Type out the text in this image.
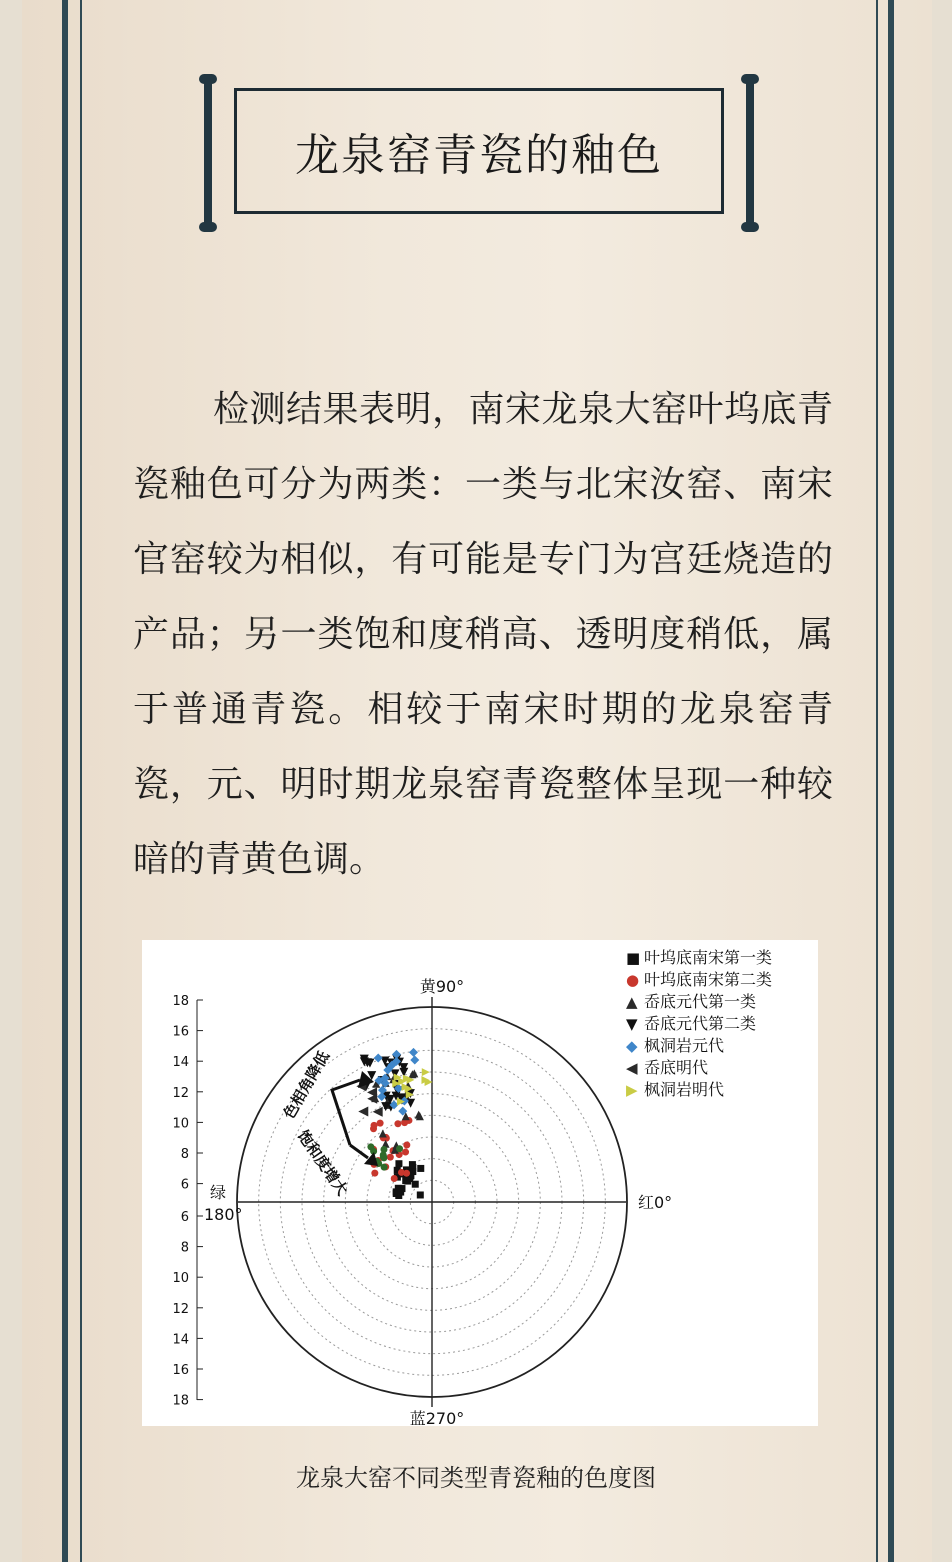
龙泉窑青瓷的釉色

检测结果表明，南宋龙泉大窑叶坞底青瓷釉色可分为两类：一类与北宋汝窑、南宋官窑较为相似，有可能是专门为宫廷烧造的产品；另一类饱和度稍高、透明度稍低，属于普通青瓷。相较于南宋时期的龙泉窑青瓷，元、明时期龙泉窑青瓷整体呈现一种较暗的青黄色调。

18
16
14
12
10
8
6
6
8
10
12
14
16
18
黄90°
红0°
蓝270°
绿
180°
色相角降低
饱和度增大
■ 叶坞底南宋第一类
● 叶坞底南宋第二类
▲ 岙底元代第一类
▼ 岙底元代第二类
◆ 枫洞岩元代
◀ 岙底明代
▶ 枫洞岩明代
龙泉大窑不同类型青瓷釉的色度图
